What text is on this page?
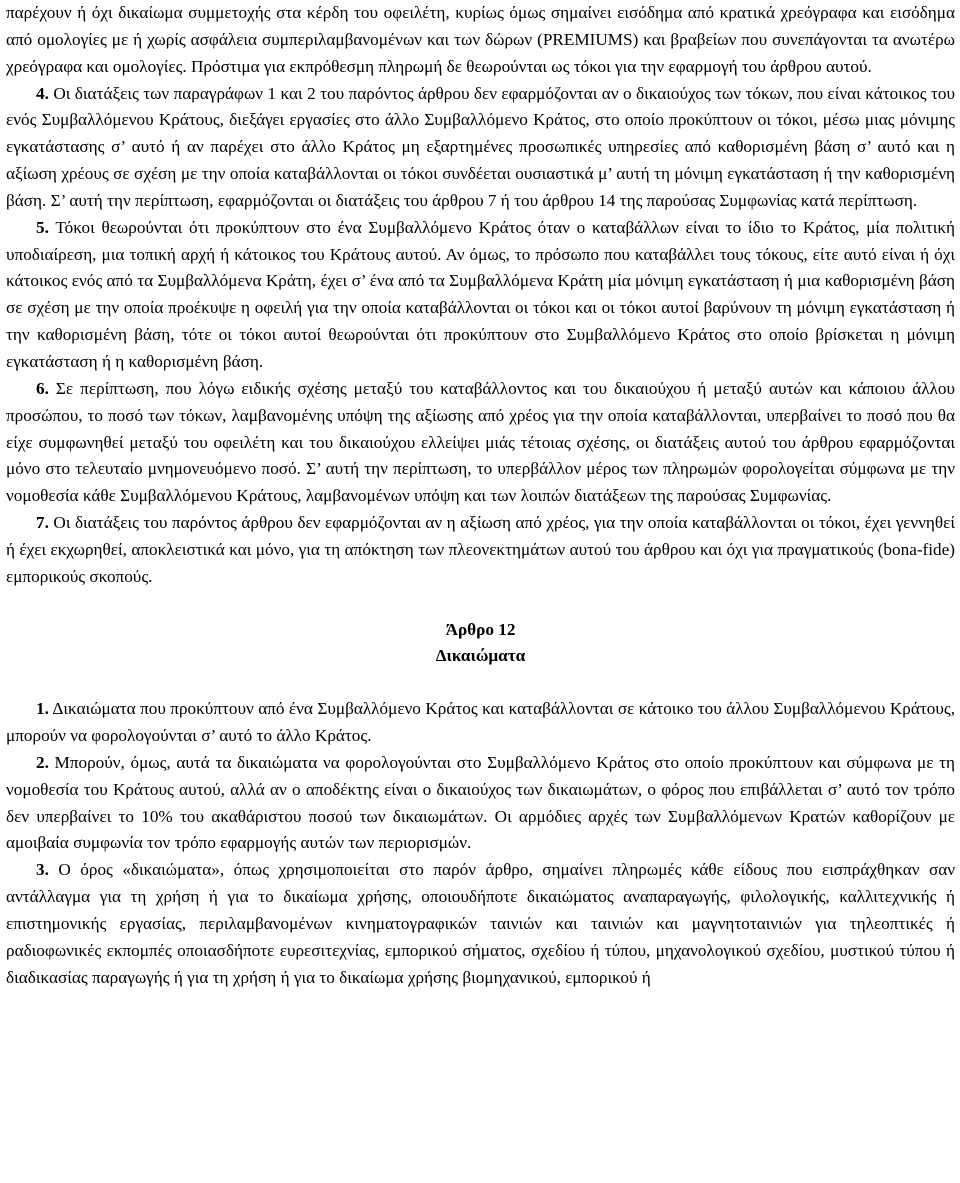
παρέχουν ή όχι δικαίωμα συμμετοχής στα κέρδη του οφειλέτη, κυρίως όμως σημαίνει εισόδημα από κρατικά χρεόγραφα και εισόδημα από ομολογίες με ή χωρίς ασφάλεια συμπεριλαμβανομένων και των δώρων (PREMIUMS) και βραβείων που συνεπάγονται τα ανωτέρω χρεόγραφα και ομολογίες. Πρόστιμα για εκπρόθεσμη πληρωμή δε θεωρούνται ως τόκοι για την εφαρμογή του άρθρου αυτού.

4. Οι διατάξεις των παραγράφων 1 και 2 του παρόντος άρθρου δεν εφαρμόζονται αν ο δικαιούχος των τόκων, που είναι κάτοικος του ενός Συμβαλλόμενου Κράτους, διεξάγει εργασίες στο άλλο Συμβαλλόμενο Κράτος, στο οποίο προκύπτουν οι τόκοι, μέσω μιας μόνιμης εγκατάστασης σ’ αυτό ή αν παρέχει στο άλλο Κράτος μη εξαρτημένες προσωπικές υπηρεσίες από καθορισμένη βάση σ’ αυτό και η αξίωση χρέους σε σχέση με την οποία καταβάλλονται οι τόκοι συνδέεται ουσιαστικά μ’ αυτή τη μόνιμη εγκατάσταση ή την καθορισμένη βάση. Σ’ αυτή την περίπτωση, εφαρμόζονται οι διατάξεις του άρθρου 7 ή του άρθρου 14 της παρούσας Συμφωνίας κατά περίπτωση.

5. Τόκοι θεωρούνται ότι προκύπτουν στο ένα Συμβαλλόμενο Κράτος όταν ο καταβάλλων είναι το ίδιο το Κράτος, μία πολιτική υποδιαίρεση, μια τοπική αρχή ή κάτοικος του Κράτους αυτού. Αν όμως, το πρόσωπο που καταβάλλει τους τόκους, είτε αυτό είναι ή όχι κάτοικος ενός από τα Συμβαλλόμενα Κράτη, έχει σ’ ένα από τα Συμβαλλόμενα Κράτη μία μόνιμη εγκατάσταση ή μια καθορισμένη βάση σε σχέση με την οποία προέκυψε η οφειλή για την οποία καταβάλλονται οι τόκοι και οι τόκοι αυτοί βαρύνουν τη μόνιμη εγκατάσταση ή την καθορισμένη βάση, τότε οι τόκοι αυτοί θεωρούνται ότι προκύπτουν στο Συμβαλλόμενο Κράτος στο οποίο βρίσκεται η μόνιμη εγκατάσταση ή η καθορισμένη βάση.

6. Σε περίπτωση, που λόγω ειδικής σχέσης μεταξύ του καταβάλλοντος και του δικαιούχου ή μεταξύ αυτών και κάποιου άλλου προσώπου, το ποσό των τόκων, λαμβανομένης υπόψη της αξίωσης από χρέος για την οποία καταβάλλονται, υπερβαίνει το ποσό που θα είχε συμφωνηθεί μεταξύ του οφειλέτη και του δικαιούχου ελλείψει μιάς τέτοιας σχέσης, οι διατάξεις αυτού του άρθρου εφαρμόζονται μόνο στο τελευταίο μνημονευόμενο ποσό. Σ’ αυτή την περίπτωση, το υπερβάλλον μέρος των πληρωμών φορολογείται σύμφωνα με την νομοθεσία κάθε Συμβαλλόμενου Κράτους, λαμβανομένων υπόψη και των λοιπών διατάξεων της παρούσας Συμφωνίας.

7. Οι διατάξεις του παρόντος άρθρου δεν εφαρμόζονται αν η αξίωση από χρέος, για την οποία καταβάλλονται οι τόκοι, έχει γεννηθεί ή έχει εκχωρηθεί, αποκλειστικά και μόνο, για τη απόκτηση των πλεονεκτημάτων αυτού του άρθρου και όχι για πραγματικούς (bona-fide) εμπορικούς σκοπούς.

Άρθρο 12

Δικαιώματα

1. Δικαιώματα που προκύπτουν από ένα Συμβαλλόμενο Κράτος και καταβάλλονται σε κάτοικο του άλλου Συμβαλλόμενου Κράτους, μπορούν να φορολογούνται σ’ αυτό το άλλο Κράτος.

2. Μπορούν, όμως, αυτά τα δικαιώματα να φορολογούνται στο Συμβαλλόμενο Κράτος στο οποίο προκύπτουν και σύμφωνα με τη νομοθεσία του Κράτους αυτού, αλλά αν ο αποδέκτης είναι ο δικαιούχος των δικαιωμάτων, ο φόρος που επιβάλλεται σ’ αυτό τον τρόπο δεν υπερβαίνει το 10% του ακαθάριστου ποσού των δικαιωμάτων. Οι αρμόδιες αρχές των Συμβαλλόμενων Κρατών καθορίζουν με αμοιβαία συμφωνία τον τρόπο εφαρμογής αυτών των περιορισμών.

3. Ο όρος «δικαιώματα», όπως χρησιμοποιείται στο παρόν άρθρο, σημαίνει πληρωμές κάθε είδους που εισπράχθηκαν σαν αντάλλαγμα για τη χρήση ή για το δικαίωμα χρήσης, οποιουδήποτε δικαιώματος αναπαραγωγής, φιλολογικής, καλλιτεχνικής ή επιστημονικής εργασίας, περιλαμβανομένων κινηματογραφικών ταινιών και ταινιών και μαγνητοταινιών για τηλεοπτικές ή ραδιοφωνικές εκπομπές οποιασδήποτε ευρεσιτεχνίας, εμπορικού σήματος, σχεδίου ή τύπου, μηχανολογικού σχεδίου, μυστικού τύπου ή διαδικασίας παραγωγής ή για τη χρήση ή για το δικαίωμα χρήσης βιομηχανικού, εμπορικού ή
